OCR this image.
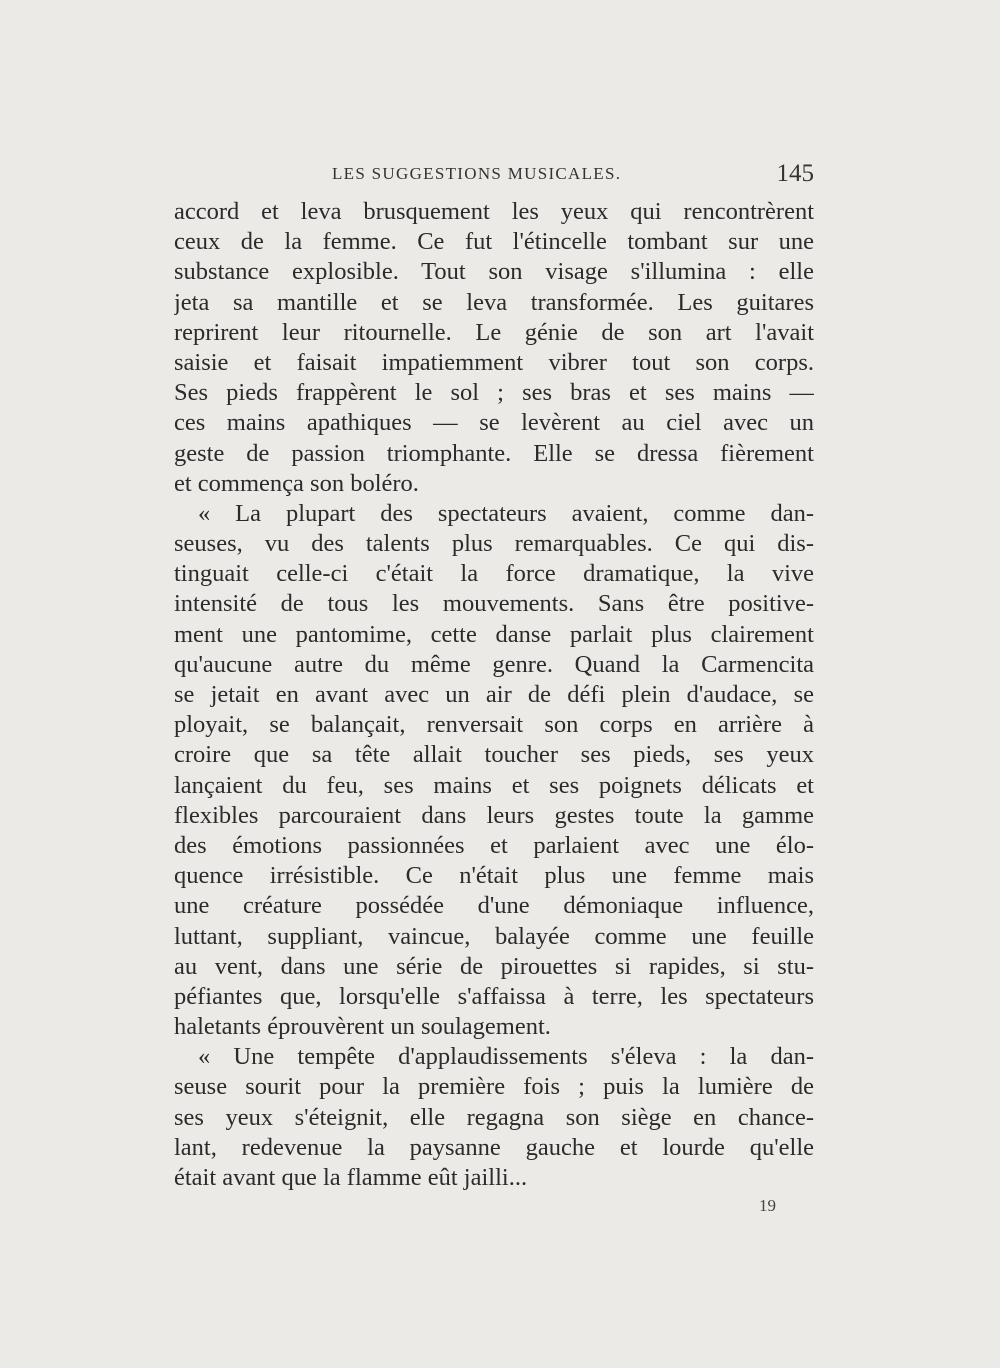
LES SUGGESTIONS MUSICALES.	145
accord et leva brusquement les yeux qui rencontrèrent
ceux de la femme. Ce fut l'étincelle tombant sur une
substance explosible. Tout son visage s'illumina : elle
jeta sa mantille et se leva transformée. Les guitares
reprirent leur ritournelle. Le génie de son art l'avait
saisie et faisait impatiemment vibrer tout son corps.
Ses pieds frappèrent le sol ; ses bras et ses mains —
ces mains apathiques — se levèrent au ciel avec un
geste de passion triomphante. Elle se dressa fièrement
et commença son boléro.
« La plupart des spectateurs avaient, comme dan-
seuses, vu des talents plus remarquables. Ce qui dis-
tinguait celle-ci c'était la force dramatique, la vive
intensité de tous les mouvements. Sans être positive-
ment une pantomime, cette danse parlait plus clairement
qu'aucune autre du même genre. Quand la Carmencita
se jetait en avant avec un air de défi plein d'audace, se
ployait, se balançait, renversait son corps en arrière à
croire que sa tête allait toucher ses pieds, ses yeux
lançaient du feu, ses mains et ses poignets délicats et
flexibles parcouraient dans leurs gestes toute la gamme
des émotions passionnées et parlaient avec une élo-
quence irrésistible. Ce n'était plus une femme mais
une créature possédée d'une démoniaque influence,
luttant, suppliant, vaincue, balayée comme une feuille
au vent, dans une série de pirouettes si rapides, si stu-
péfiantes que, lorsqu'elle s'affaissa à terre, les spectateurs
haletants éprouvèrent un soulagement.
« Une tempête d'applaudissements s'éleva : la dan-
seuse sourit pour la première fois ; puis la lumière de
ses yeux s'éteignit, elle regagna son siège en chance-
lant, redevenue la paysanne gauche et lourde qu'elle
était avant que la flamme eût jailli...
19
